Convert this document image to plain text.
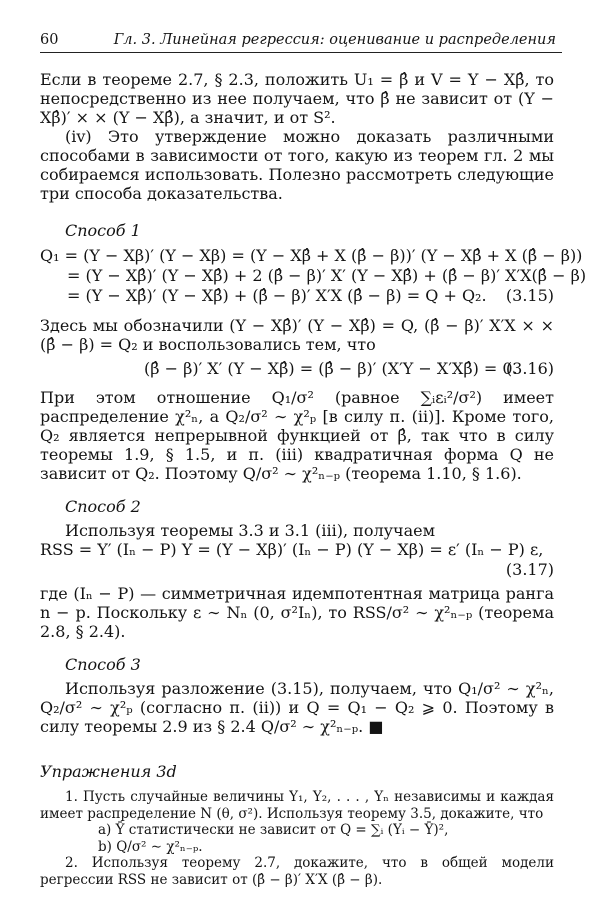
60	Гл. 3. Линейная регрессия: оценивание и распределения

Если в теореме 2.7, § 2.3, положить U₁ = β̂ и V = Y − Xβ̂, то непосредственно из нее получаем, что β̂ не зависит от (Y − Xβ̂)′ × × (Y − Xβ̂), а значит, и от S².

(iv) Это утверждение можно доказать различными способами в зависимости от того, какую из теорем гл. 2 мы собираемся использовать. Полезно рассмотреть следующие три способа доказательства.

Способ 1

Q₁ = (Y − Xβ)′ (Y − Xβ) = (Y − Xβ̂ + X (β̂ − β))′ (Y − Xβ̂ + X (β̂ − β))
= (Y − Xβ̂)′ (Y − Xβ̂) + 2 (β̂ − β)′ X′ (Y − Xβ̂) + (β̂ − β)′ X′X(β̂ − β)
= (Y − Xβ̂)′ (Y − Xβ̂) + (β̂ − β)′ X′X (β̂ − β) = Q + Q₂. (3.15)

Здесь мы обозначили (Y − Xβ̂)′ (Y − Xβ̂) = Q, (β̂ − β)′ X′X × × (β̂ − β) = Q₂ и воспользовались тем, что

(β̂ − β)′ X′ (Y − Xβ̂) = (β̂ − β)′ (X′Y − X′Xβ̂) = 0.
(3.16)

При этом отношение Q₁/σ² (равное ∑ᵢεᵢ²/σ²) имеет распределение χ²ₙ, а Q₂/σ² ∼ χ²ₚ [в силу п. (ii)]. Кроме того, Q₂ является непрерывной функцией от β̂, так что в силу теоремы 1.9, § 1.5, и п. (iii) квадратичная форма Q не зависит от Q₂. Поэтому Q/σ² ∼ χ²ₙ₋ₚ (теорема 1.10, § 1.6).

Способ 2

Используя теоремы 3.3 и 3.1 (iii), получаем

RSS = Y′ (Iₙ − P) Y = (Y − Xβ)′ (Iₙ − P) (Y − Xβ) = ε′ (Iₙ − P) ε,
(3.17)

где (Iₙ − P) — симметричная идемпотентная матрица ранга n − p. Поскольку ε ∼ Nₙ (0, σ²Iₙ), то RSS/σ² ∼ χ²ₙ₋ₚ (теорема 2.8, § 2.4).

Способ 3

Используя разложение (3.15), получаем, что Q₁/σ² ∼ χ²ₙ, Q₂/σ² ∼ χ²ₚ (согласно п. (ii)) и Q = Q₁ − Q₂ ⩾ 0. Поэтому в силу теоремы 2.9 из § 2.4 Q/σ² ∼ χ²ₙ₋ₚ. ■

Упражнения 3d

1. Пусть случайные величины Y₁, Y₂, . . . , Yₙ независимы и каждая имеет распределение N (θ, σ²). Используя теорему 3.5, докажите, что

а) Ȳ статистически не зависит от Q = ∑ᵢ (Yᵢ − Ȳ)²,

b) Q/σ² ∼ χ²ₙ₋ₚ.

2. Используя теорему 2.7, докажите, что в общей модели регрессии RSS не зависит от (β̂ − β)′ X′X (β̂ − β).
